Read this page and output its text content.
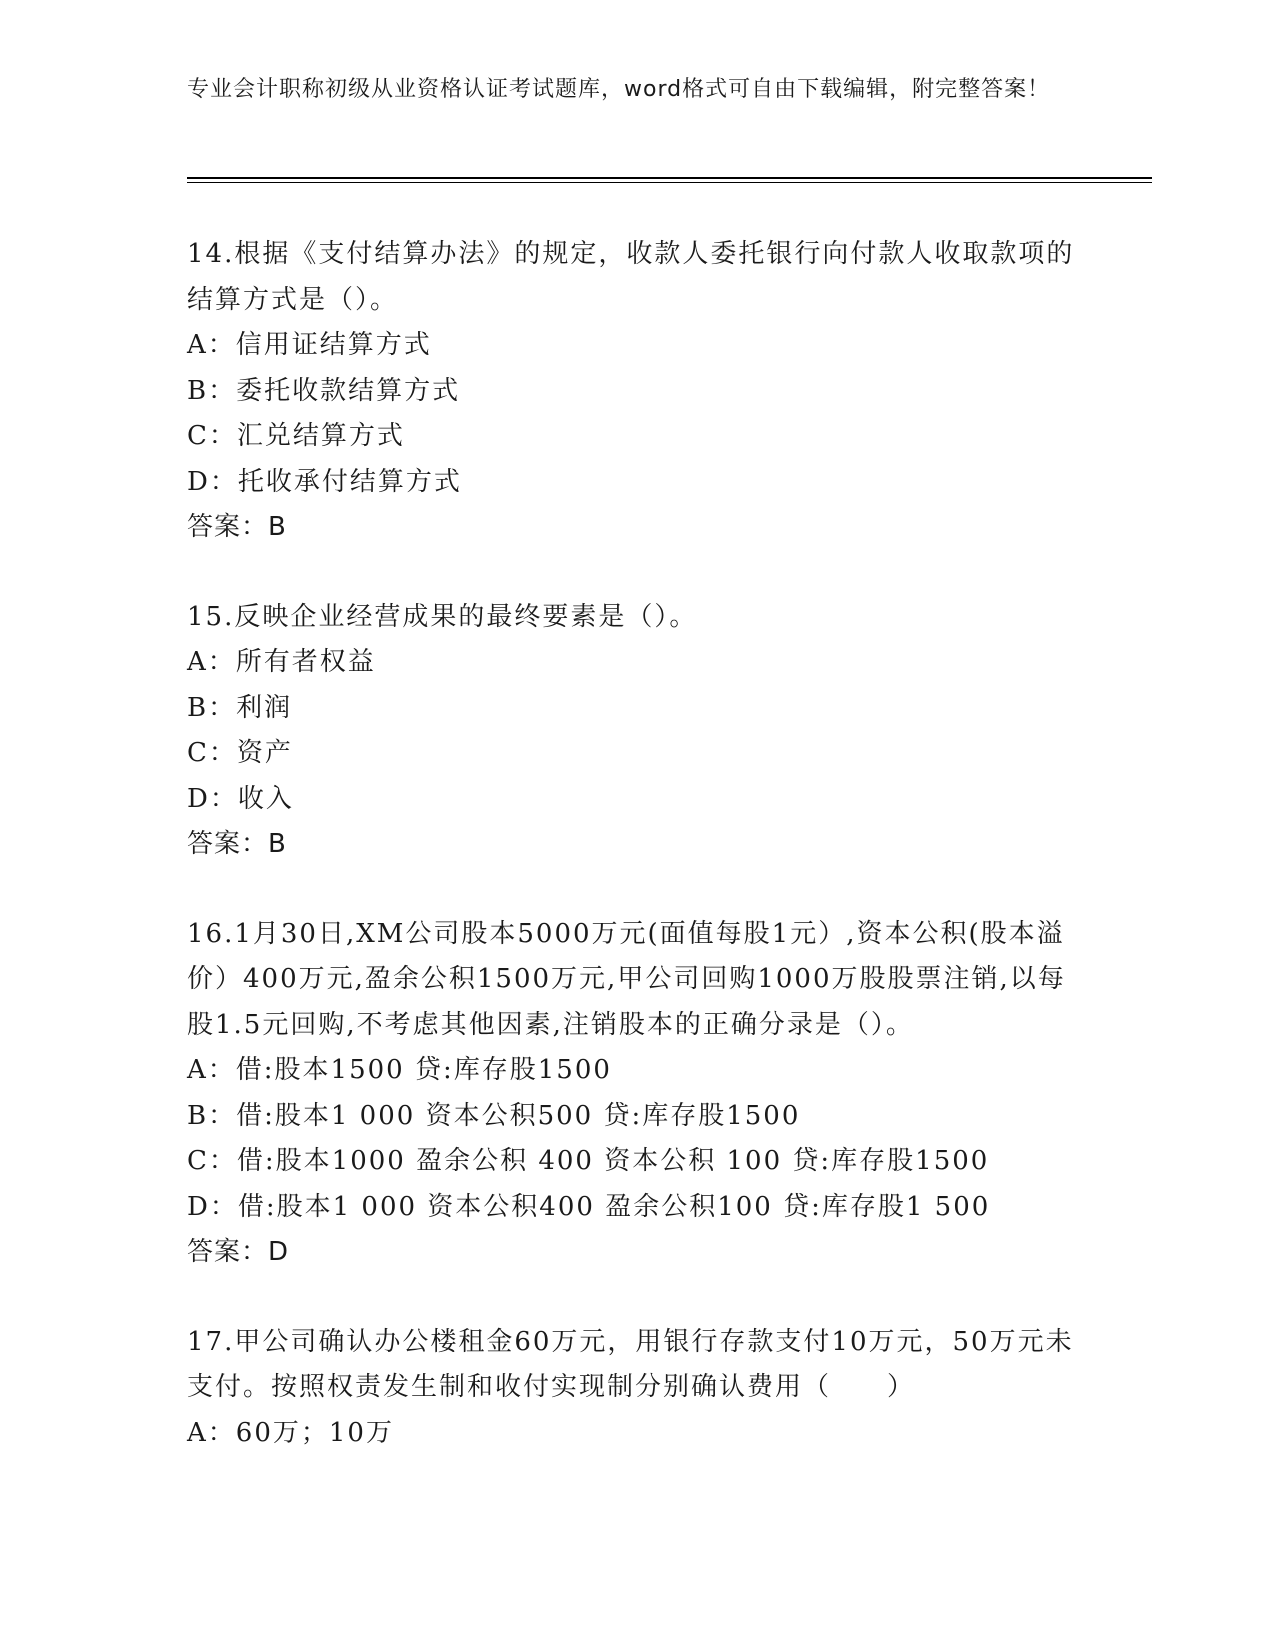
专业会计职称初级从业资格认证考试题库，word格式可自由下载编辑，附完整答案！
14.根据《支付结算办法》的规定，收款人委托银行向付款人收取款项的结算方式是（）。
A：信用证结算方式
B：委托收款结算方式
C：汇兑结算方式
D：托收承付结算方式
答案：B
15.反映企业经营成果的最终要素是（）。
A：所有者权益
B：利润
C：资产
D：收入
答案：B
16.1月30日,XM公司股本5000万元(面值每股1元）,资本公积(股本溢价）400万元,盈余公积1500万元,甲公司回购1000万股股票注销,以每股1.5元回购,不考虑其他因素,注销股本的正确分录是（）。
A：借:股本1500 贷:库存股1500
B：借:股本1 000 资本公积500 贷:库存股1500
C：借:股本1000 盈余公积 400 资本公积 100 贷:库存股1500
D：借:股本1 000 资本公积400 盈余公积100 贷:库存股1 500
答案：D
17.甲公司确认办公楼租金60万元，用银行存款支付10万元，50万元未支付。按照权责发生制和收付实现制分别确认费用（　　）
A：60万；10万
